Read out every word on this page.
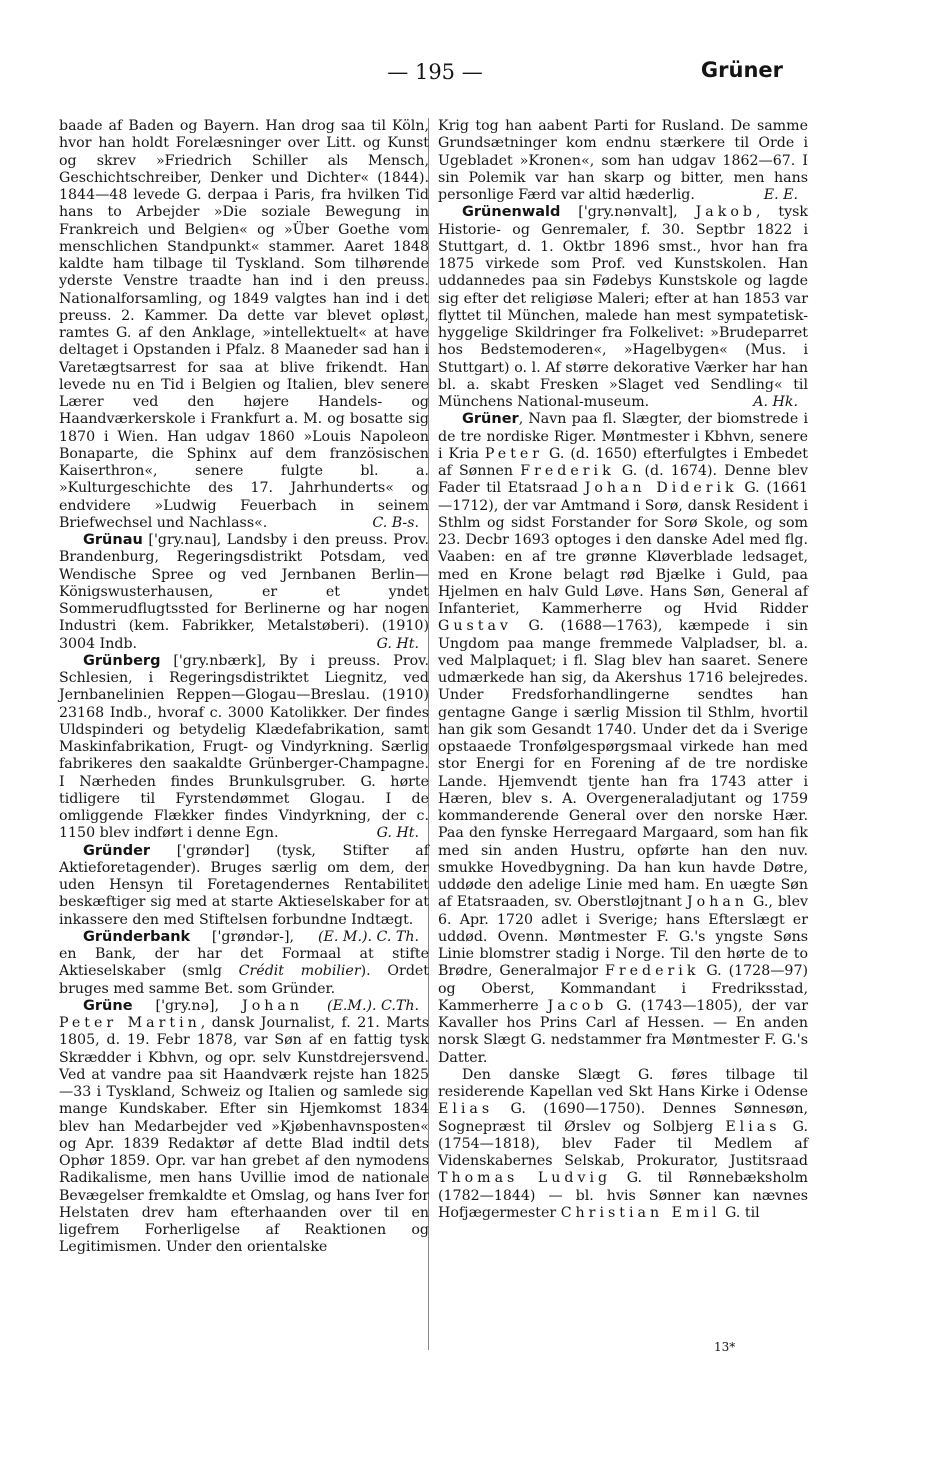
— 195 —	Grüner

baade af Baden og Bayern. Han drog saa til Köln, hvor han holdt Forelæsninger over Litt. og Kunst og skrev »Friedrich Schiller als Mensch, Geschichtschreiber, Denker und Dichter« (1844). 1844—48 levede G. derpaa i Paris, fra hvilken Tid hans to Arbejder »Die soziale Bewegung in Frankreich und Belgien« og »Über Goethe vom menschlichen Standpunkt« stammer. Aaret 1848 kaldte ham tilbage til Tyskland. Som tilhørende yderste Venstre traadte han ind i den preuss. Nationalforsamling, og 1849 valgtes han ind i det preuss. 2. Kammer. Da dette var blevet opløst, ramtes G. af den Anklage, »intellektuelt« at have deltaget i Opstanden i Pfalz. 8 Maaneder sad han i Varetægtsarrest for saa at blive frikendt. Han levede nu en Tid i Belgien og Italien, blev senere Lærer ved den højere Handels- og Haandværkerskole i Frankfurt a. M. og bosatte sig 1870 i Wien. Han udgav 1860 »Louis Napoleon Bonaparte, die Sphinx auf dem französischen Kaiserthron«, senere fulgte bl. a. »Kulturgeschichte des 17. Jahrhunderts« og endvidere »Ludwig Feuerbach in seinem Briefwechsel und Nachlass«.	C. B-s.

Grünau ['gry.nau], Landsby i den preuss. Prov. Brandenburg, Regeringsdistrikt Potsdam, ved Wendische Spree og ved Jernbanen Berlin—Königswusterhausen, er et yndet Sommerudflugtssted for Berlinerne og har nogen Industri (kem. Fabrikker, Metalstøberi). (1910) 3004 Indb.	G. Ht.

Grünberg ['gry.nbærk], By i preuss. Prov. Schlesien, i Regeringsdistriktet Liegnitz, ved Jernbanelinien Reppen—Glogau—Breslau. (1910) 23168 Indb., hvoraf c. 3000 Katolikker. Der findes Uldspinderi og betydelig Klædefabrikation, samt Maskinfabrikation, Frugt- og Vindyrkning. Særlig fabrikeres den saakaldte Grünberger-Champagne. I Nærheden findes Brunkulsgruber. G. hørte tidligere til Fyrstendømmet Glogau. I de omliggende Flækker findes Vindyrkning, der c. 1150 blev indført i denne Egn.	G. Ht.

Gründer ['grøndər] (tysk, Stifter af Aktieforetagender). Bruges særlig om dem, der uden Hensyn til Foretagendernes Rentabilitet beskæftiger sig med at starte Aktieselskaber for at inkassere den med Stiftelsen forbundne Indtægt.
(E. M.). C. Th.

Gründerbank ['grøndər-], en Bank, der har det Formaal at stifte Aktieselskaber (smlg Crédit mobilier). Ordet bruges med samme Bet. som Gründer.
(E.M.). C.Th.

Grüne ['gry.nə], Johan Peter Martin, dansk Journalist, f. 21. Marts 1805, d. 19. Febr 1878, var Søn af en fattig tysk Skrædder i Kbhvn, og opr. selv Kunstdrejersvend. Ved at vandre paa sit Haandværk rejste han 1825—33 i Tyskland, Schweiz og Italien og samlede sig mange Kundskaber. Efter sin Hjemkomst 1834 blev han Medarbejder ved »Kjøbenhavnsposten« og Apr. 1839 Redaktør af dette Blad indtil dets Ophør 1859. Opr. var han grebet af den nymodens Radikalisme, men hans Uvillie imod de nationale Bevægelser fremkaldte et Omslag, og hans Iver for Helstaten drev ham efterhaanden over til en ligefrem Forherligelse af Reaktionen og Legitimismen. Under den orientalske

Krig tog han aabent Parti for Rusland. De samme Grundsætninger kom endnu stærkere til Orde i Ugebladet »Kronen«, som han udgav 1862—67. I sin Polemik var han skarp og bitter, men hans personlige Færd var altid hæderlig.	E. E.

Grünenwald ['gry.nənvalt], Jakob, tysk Historie- og Genremaler, f. 30. Septbr 1822 i Stuttgart, d. 1. Oktbr 1896 smst., hvor han fra 1875 virkede som Prof. ved Kunstskolen. Han uddannedes paa sin Fødebys Kunstskole og lagde sig efter det religiøse Maleri; efter at han 1853 var flyttet til München, malede han mest sympatetisk-hyggelige Skildringer fra Folkelivet: »Brudeparret hos Bedstemoderen«, »Hagelbygen« (Mus. i Stuttgart) o. l. Af større dekorative Værker har han bl. a. skabt Fresken »Slaget ved Sendling« til Münchens National-museum.	A. Hk.

Grüner, Navn paa fl. Slægter, der biomstrede i de tre nordiske Riger. Møntmester i Kbhvn, senere i Kria Peter G. (d. 1650) efterfulgtes i Embedet af Sønnen Frederik G. (d. 1674). Denne blev Fader til Etatsraad Johan Diderik G. (1661—1712), der var Amtmand i Sorø, dansk Resident i Sthlm og sidst Forstander for Sorø Skole, og som 23. Decbr 1693 optoges i den danske Adel med flg. Vaaben: en af tre grønne Kløverblade ledsaget, med en Krone belagt rød Bjælke i Guld, paa Hjelmen en halv Guld Løve. Hans Søn, General af Infanteriet, Kammerherre og Hvid Ridder Gustav G. (1688—1763), kæmpede i sin Ungdom paa mange fremmede Valpladser, bl. a. ved Malplaquet; i fl. Slag blev han saaret. Senere udmærkede han sig, da Akershus 1716 belejredes. Under Fredsforhandlingerne sendtes han gentagne Gange i særlig Mission til Sthlm, hvortil han gik som Gesandt 1740. Under det da i Sverige opstaaede Tronfølgespørgsmaal virkede han med stor Energi for en Forening af de tre nordiske Lande. Hjemvendt tjente han fra 1743 atter i Hæren, blev s. A. Overgeneraladjutant og 1759 kommanderende General over den norske Hær. Paa den fynske Herregaard Margaard, som han fik med sin anden Hustru, opførte han den nuv. smukke Hovedbygning. Da han kun havde Døtre, uddøde den adelige Linie med ham. En uægte Søn af Etatsraaden, sv. Oberstløjtnant Johan G., blev 6. Apr. 1720 adlet i Sverige; hans Efterslægt er uddød. Ovenn. Møntmester F. G.'s yngste Søns Linie blomstrer stadig i Norge. Til den hørte de to Brødre, Generalmajor Frederik G. (1728—97) og Oberst, Kommandant i Fredriksstad, Kammerherre Jacob G. (1743—1805), der var Kavaller hos Prins Carl af Hessen. — En anden norsk Slægt G. nedstammer fra Møntmester F. G.'s Datter.

Den danske Slægt G. føres tilbage til residerende Kapellan ved Skt Hans Kirke i Odense Elias G. (1690—1750). Dennes Sønnesøn, Sognepræst til Ørslev og Solbjerg Elias G. (1754—1818), blev Fader til Medlem af Videnskabernes Selskab, Prokurator, Justitsraad Thomas Ludvig G. til Rønnebæksholm (1782—1844) — bl. hvis Sønner kan nævnes Hofjægermester Christian Emil G. til

13*
